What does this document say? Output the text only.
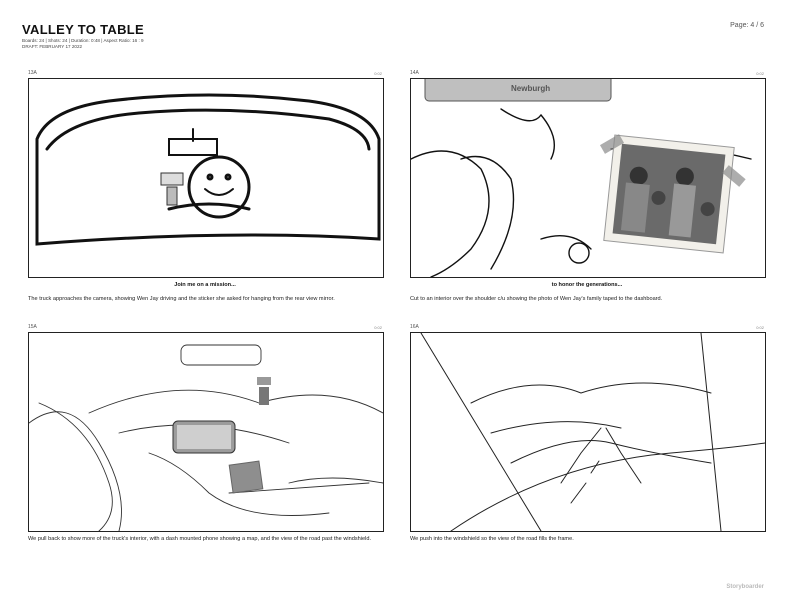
VALLEY TO TABLE
Boards: 24 | Shots: 24 | Duration: 0:48 | Aspect Ratio: 16 : 9
DRAFT: FEBRUARY 17 2022
Page: 4 / 6
13A	0:02
Join me on a mission...
The truck approaches the camera, showing Wen Jay driving and the sticker she asked for hanging from the rear view mirror.
14A	0:02
Newburgh
to honor the generations...
Cut to an interior over the shoulder c/u showing the photo of Wen Jay's family taped to the dashboard.
15A	0:02
We pull back to show more of the truck's interior, with a dash mounted phone showing a map, and the view of the road past the windshield.
16A	0:02
We push into the windshield so the view of the road fills the frame.
Storyboarder
